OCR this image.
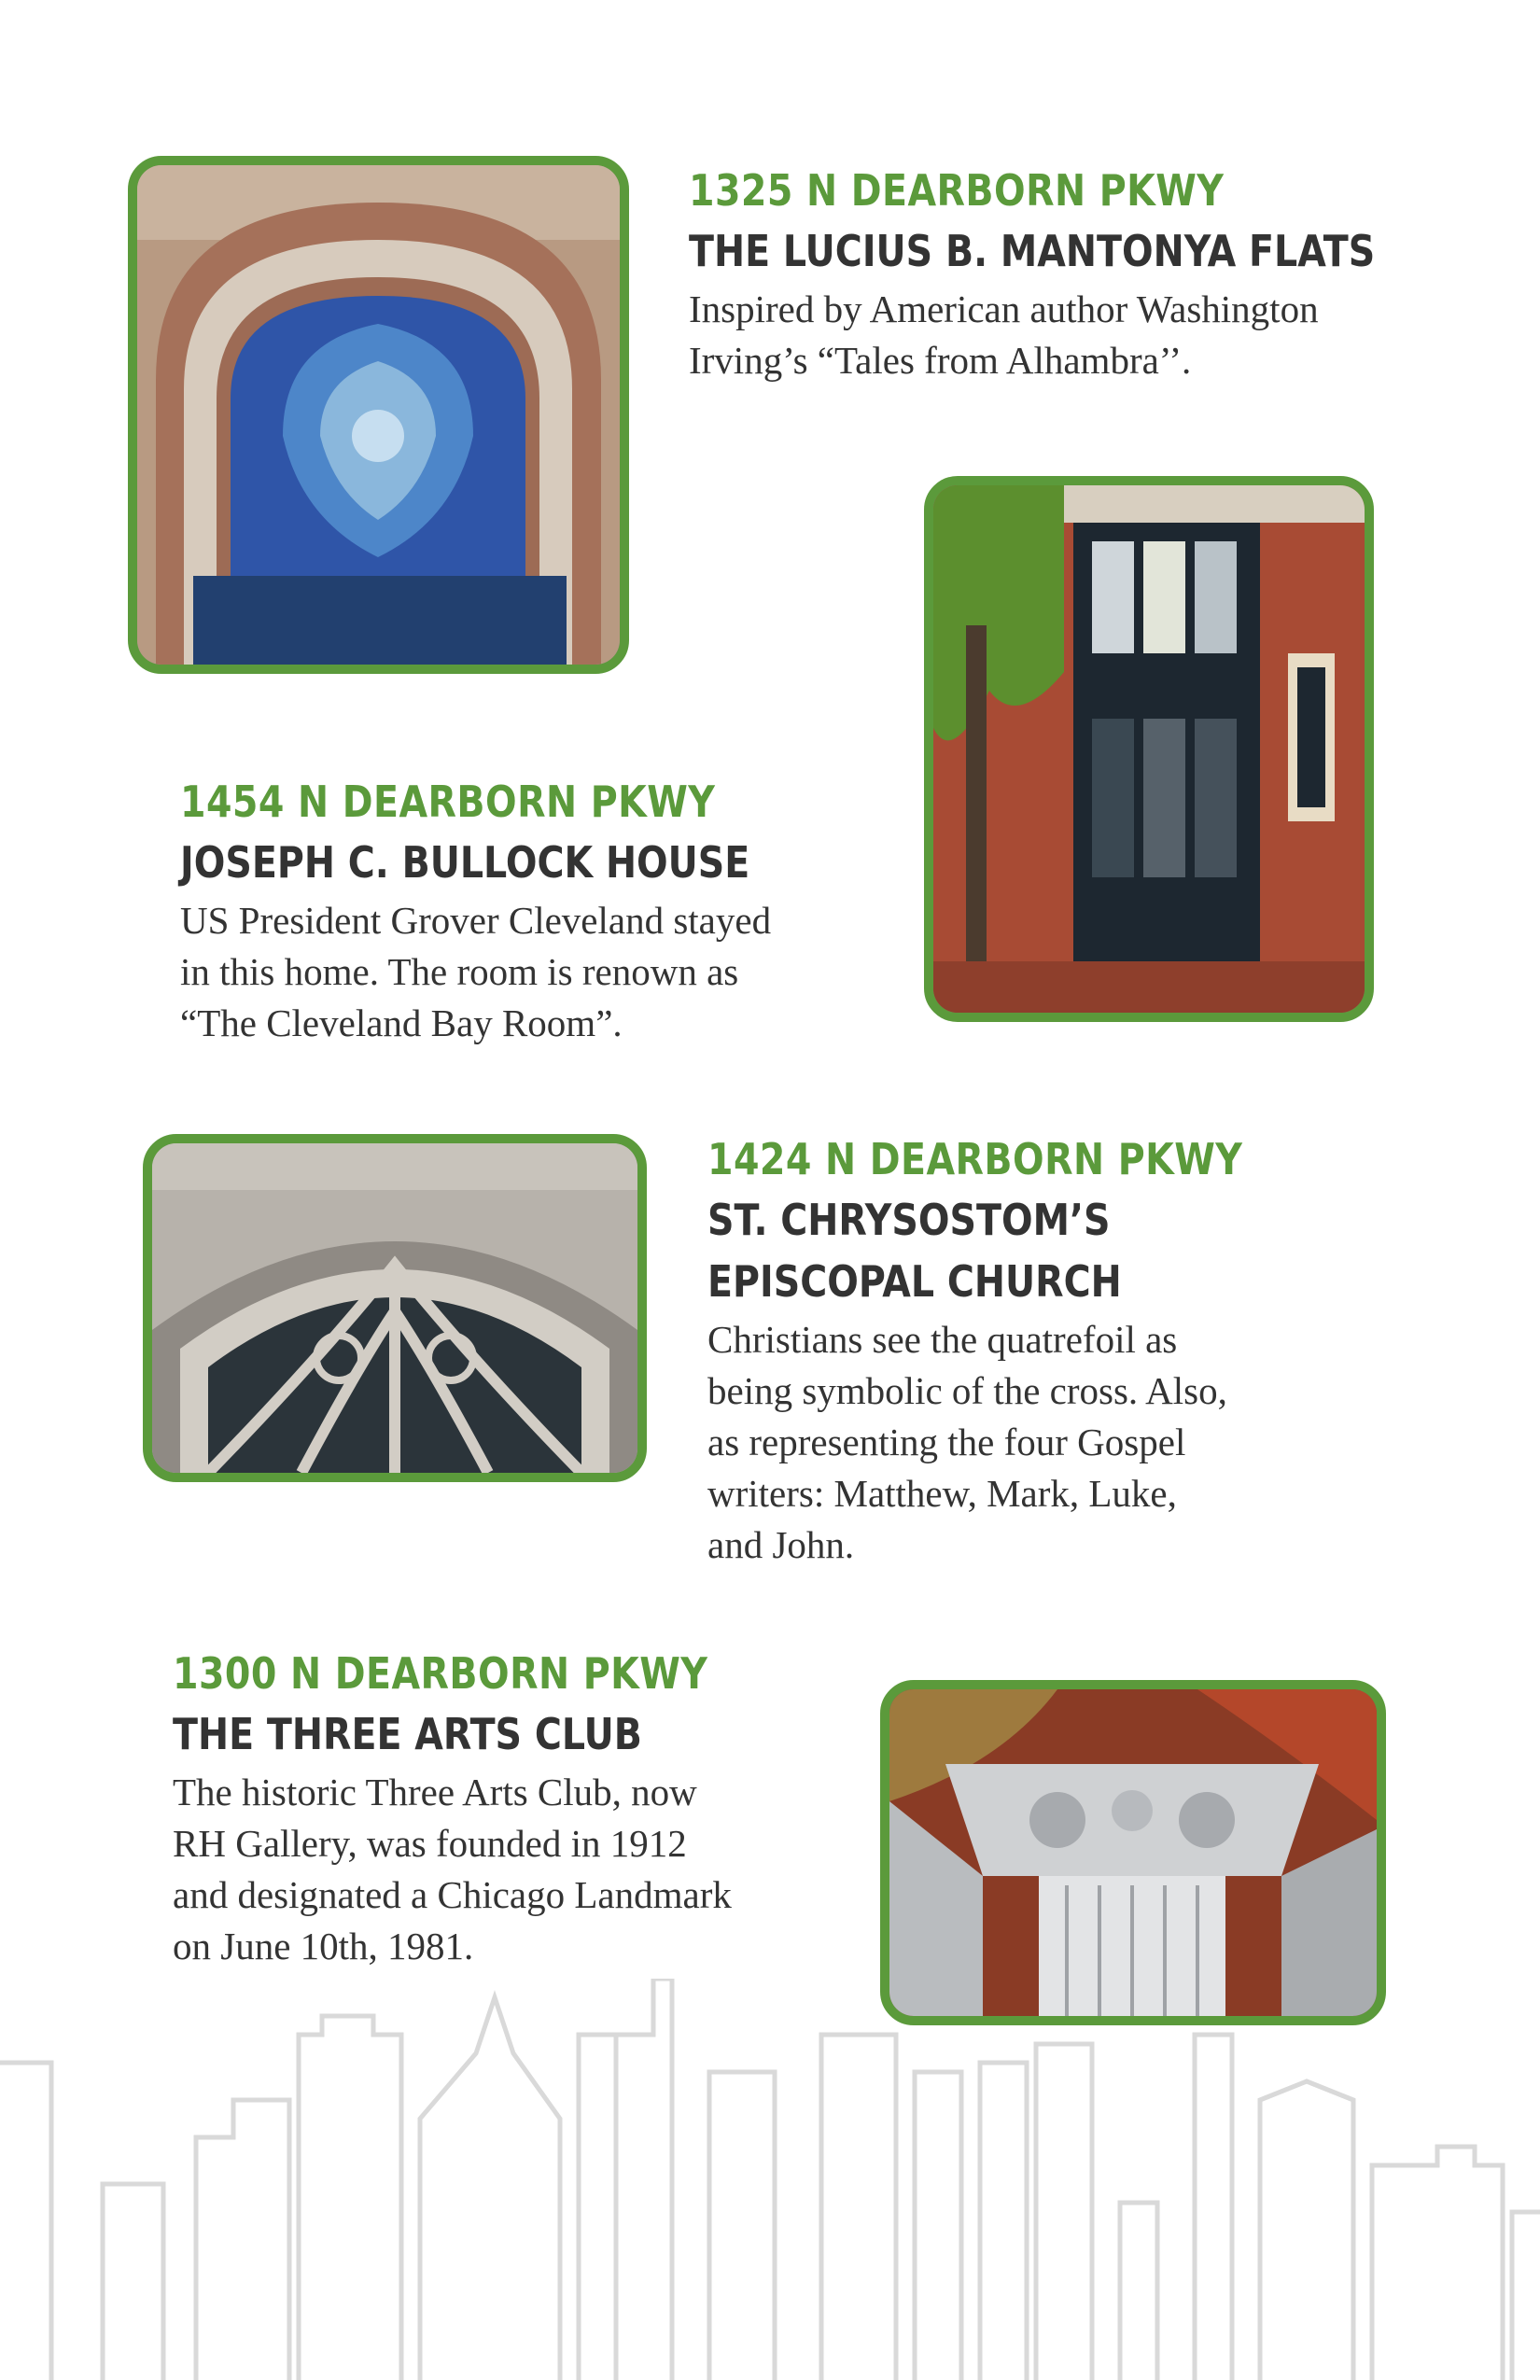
1325 N DEARBORN PKWY
THE LUCIUS B. MANTONYA FLATS
Inspired by American author Washington
Irving’s “Tales from Alhambra’’.
1454 N DEARBORN PKWY
JOSEPH C. BULLOCK HOUSE
US President Grover Cleveland stayed
in this home. The room is renown as
“The Cleveland Bay Room”.
1424 N DEARBORN PKWY
ST. CHRYSOSTOM’S
EPISCOPAL CHURCH
Christians see the quatrefoil as
being symbolic of the cross. Also,
as representing the four Gospel
writers: Matthew, Mark, Luke,
and John.
1300 N DEARBORN PKWY
THE THREE ARTS CLUB
The historic Three Arts Club, now
RH Gallery, was founded in 1912
and designated a Chicago Landmark
on June 10th, 1981.
